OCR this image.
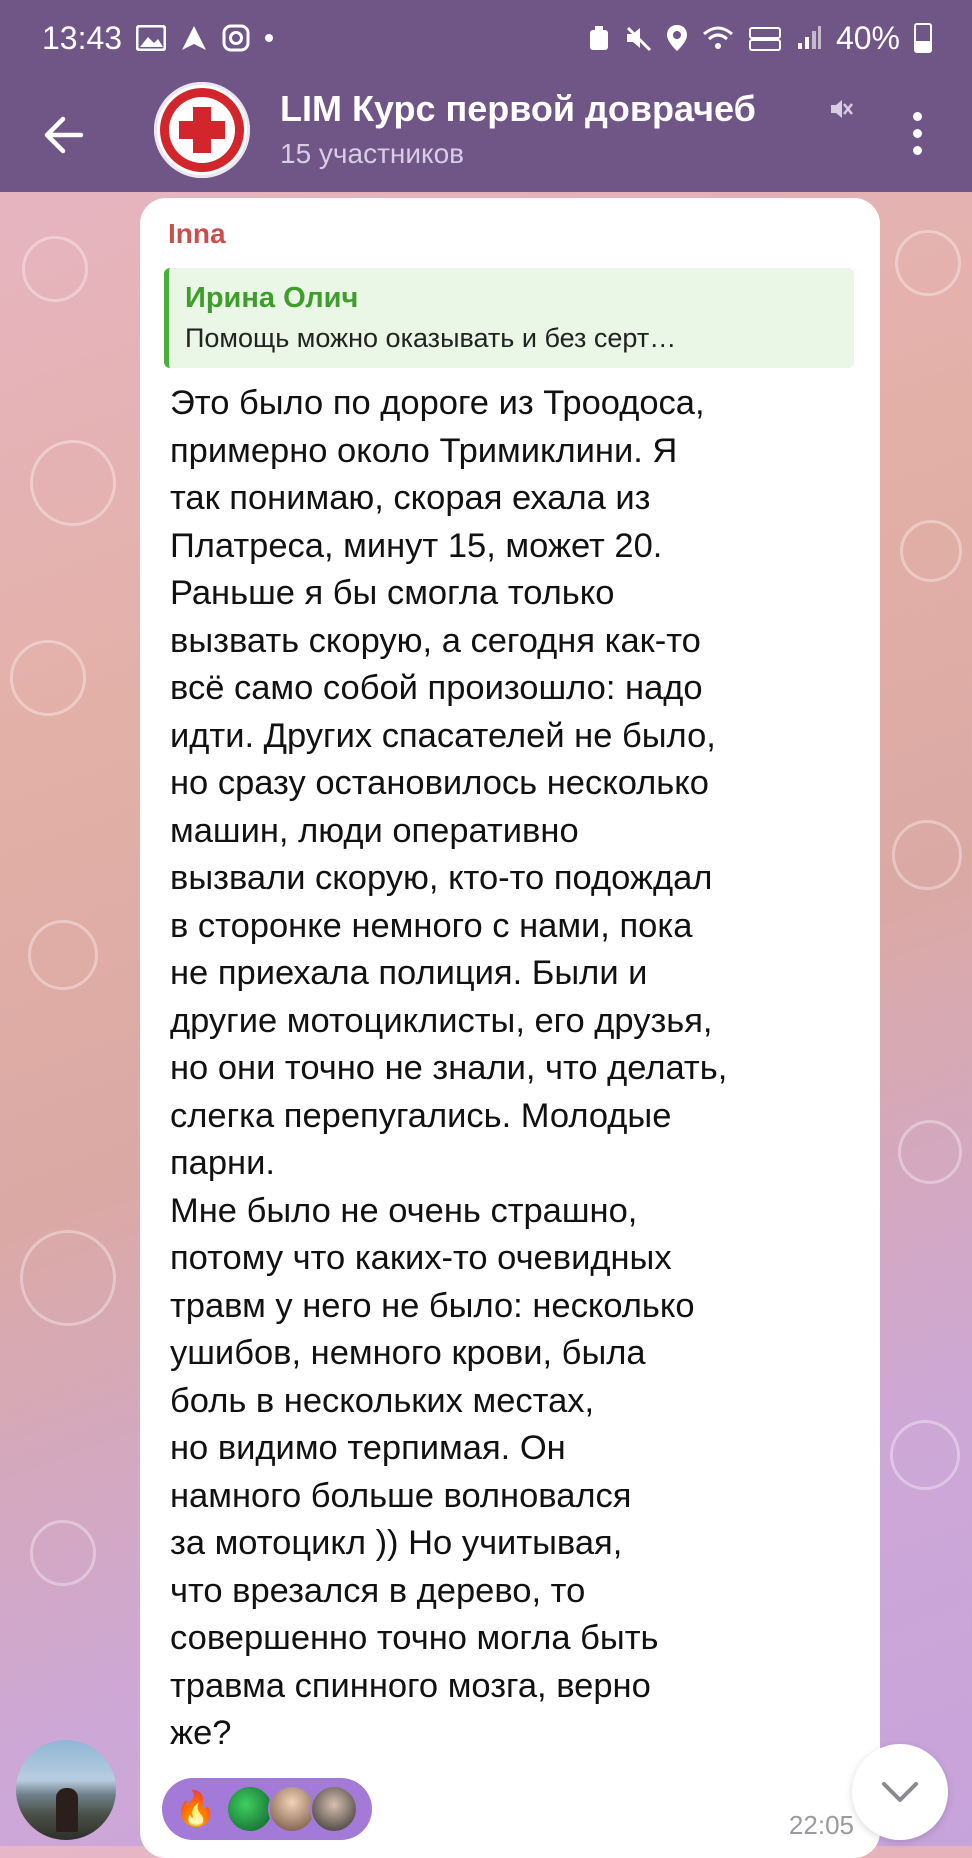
13:43	40%
LIM Курс первой доврачеб
15 участников
Inna
Ирина Олич
Помощь можно оказывать и без серт…
Это было по дороге из Троодоса,
примерно около Тримиклини. Я
так понимаю, скорая ехала из
Платреса, минут 15, может 20.
Раньше я бы смогла только
вызвать скорую, а сегодня как-то
всё само собой произошло: надо
идти. Других спасателей не было,
но сразу остановилось несколько
машин, люди оперативно
вызвали скорую, кто-то подождал
в сторонке немного с нами, пока
не приехала полиция. Были и
другие мотоциклисты, его друзья,
но они точно не знали, что делать,
слегка перепугались. Молодые
парни.
Мне было не очень страшно,
потому что каких-то очевидных
травм у него не было: несколько
ушибов, немного крови, была
боль в нескольких местах,
но видимо терпимая. Он
намного больше волновался
за мотоцикл )) Но учитывая,
что врезался в дерево, то
совершенно точно могла быть
травма спинного мозга, верно
же?
🔥	22:05
